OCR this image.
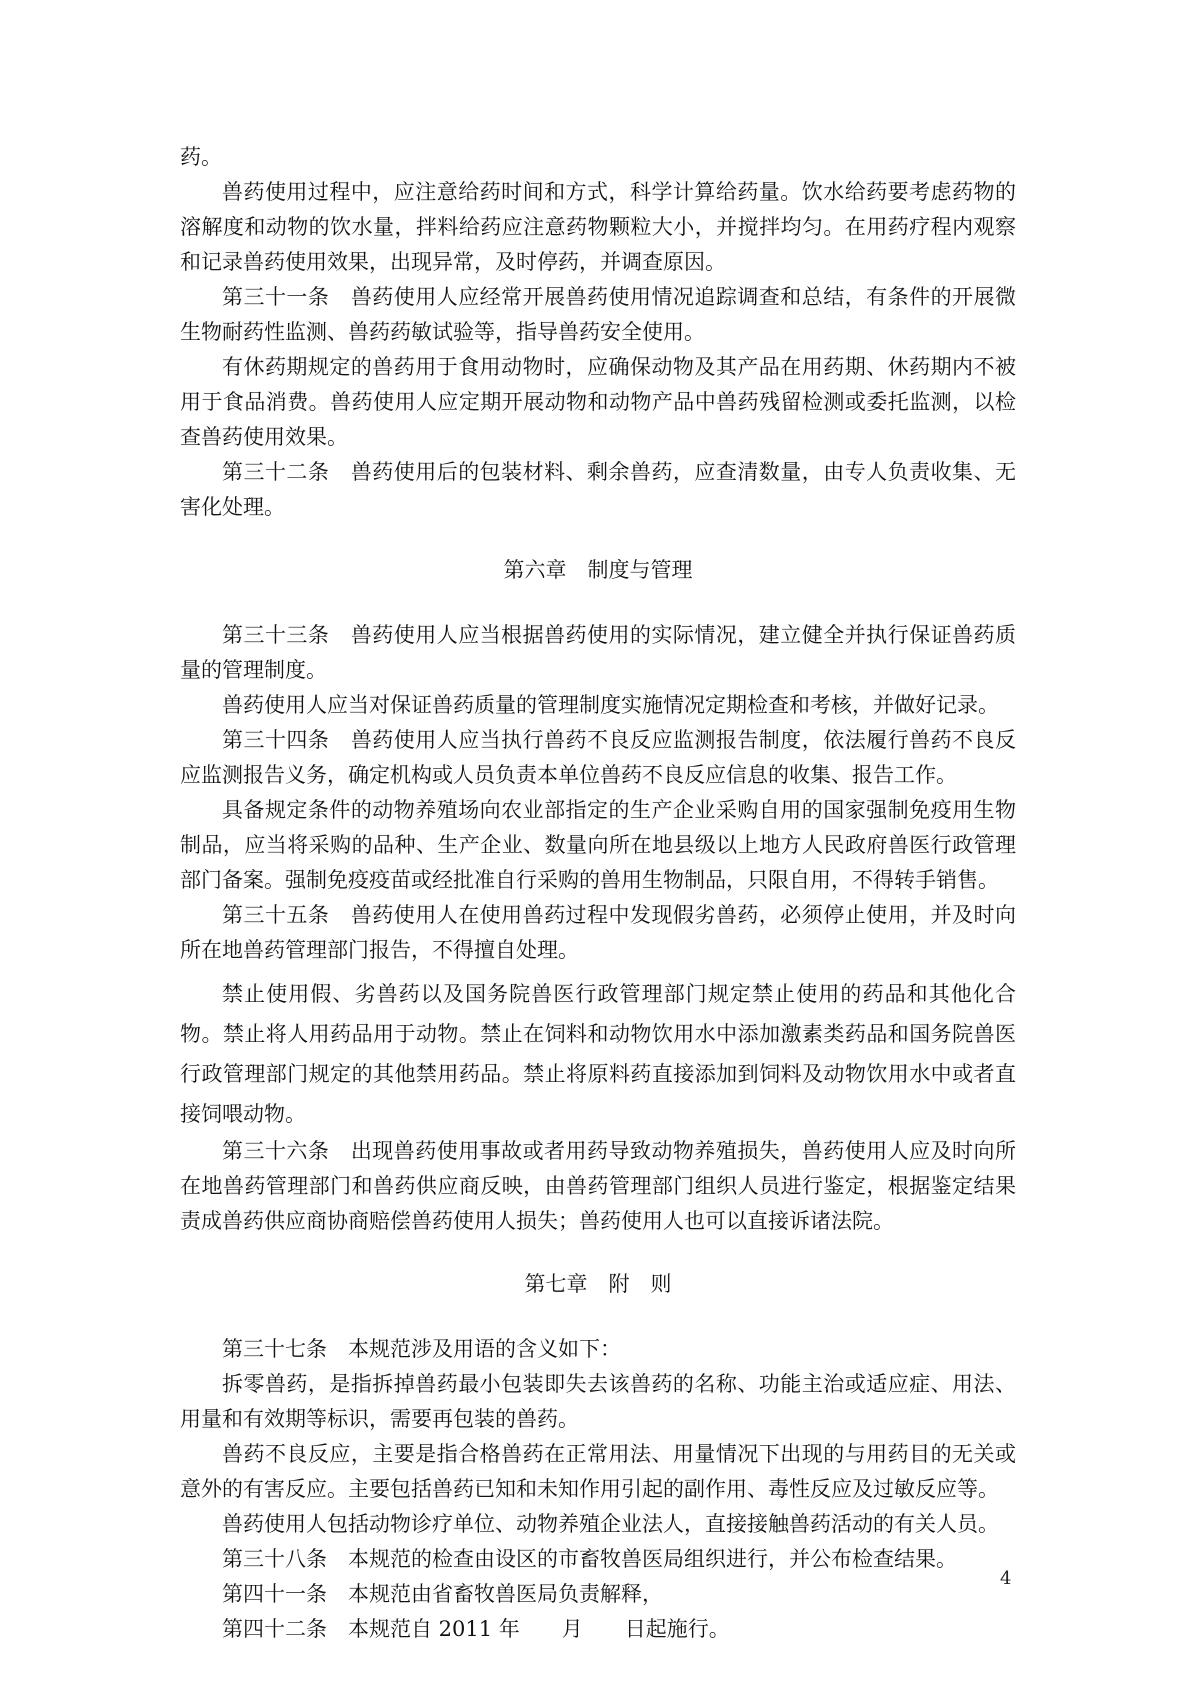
药。

兽药使用过程中，应注意给药时间和方式，科学计算给药量。饮水给药要考虑药物的溶解度和动物的饮水量，拌料给药应注意药物颗粒大小，并搅拌均匀。在用药疗程内观察和记录兽药使用效果，出现异常，及时停药，并调查原因。

第三十一条　兽药使用人应经常开展兽药使用情况追踪调查和总结，有条件的开展微生物耐药性监测、兽药药敏试验等，指导兽药安全使用。

有休药期规定的兽药用于食用动物时，应确保动物及其产品在用药期、休药期内不被用于食品消费。兽药使用人应定期开展动物和动物产品中兽药残留检测或委托监测，以检查兽药使用效果。

第三十二条　兽药使用后的包装材料、剩余兽药，应查清数量，由专人负责收集、无害化处理。

第六章　制度与管理

第三十三条　兽药使用人应当根据兽药使用的实际情况，建立健全并执行保证兽药质量的管理制度。

兽药使用人应当对保证兽药质量的管理制度实施情况定期检查和考核，并做好记录。

第三十四条　兽药使用人应当执行兽药不良反应监测报告制度，依法履行兽药不良反应监测报告义务，确定机构或人员负责本单位兽药不良反应信息的收集、报告工作。

具备规定条件的动物养殖场向农业部指定的生产企业采购自用的国家强制免疫用生物制品，应当将采购的品种、生产企业、数量向所在地县级以上地方人民政府兽医行政管理部门备案。强制免疫疫苗或经批准自行采购的兽用生物制品，只限自用，不得转手销售。

第三十五条　兽药使用人在使用兽药过程中发现假劣兽药，必须停止使用，并及时向所在地兽药管理部门报告，不得擅自处理。

禁止使用假、劣兽药以及国务院兽医行政管理部门规定禁止使用的药品和其他化合物。禁止将人用药品用于动物。禁止在饲料和动物饮用水中添加激素类药品和国务院兽医行政管理部门规定的其他禁用药品。禁止将原料药直接添加到饲料及动物饮用水中或者直接饲喂动物。

第三十六条　出现兽药使用事故或者用药导致动物养殖损失，兽药使用人应及时向所在地兽药管理部门和兽药供应商反映，由兽药管理部门组织人员进行鉴定，根据鉴定结果责成兽药供应商协商赔偿兽药使用人损失；兽药使用人也可以直接诉诸法院。

第七章　附　则

第三十七条　本规范涉及用语的含义如下：

拆零兽药，是指拆掉兽药最小包装即失去该兽药的名称、功能主治或适应症、用法、用量和有效期等标识，需要再包装的兽药。

兽药不良反应，主要是指合格兽药在正常用法、用量情况下出现的与用药目的无关或意外的有害反应。主要包括兽药已知和未知作用引起的副作用、毒性反应及过敏反应等。

兽药使用人包括动物诊疗单位、动物养殖企业法人，直接接触兽药活动的有关人员。

第三十八条　本规范的检查由设区的市畜牧兽医局组织进行，并公布检查结果。

第四十一条　本规范由省畜牧兽医局负责解释，

第四十二条　本规范自 2011 年　　月　　日起施行。

4
